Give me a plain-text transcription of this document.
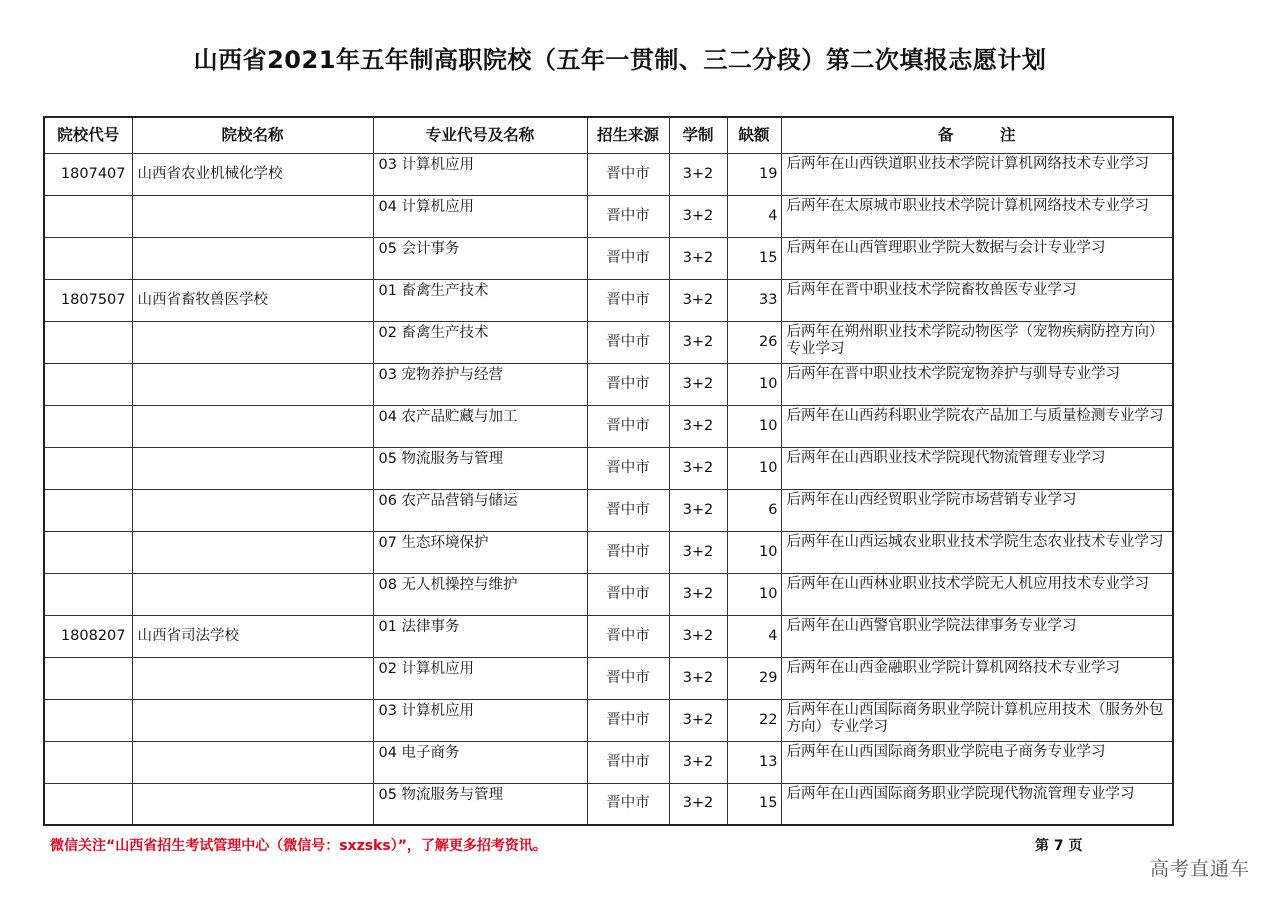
山西省2021年五年制高职院校（五年一贯制、三二分段）第二次填报志愿计划
院校代号	院校名称	专业代号及名称	招生来源	学制	缺额	备　　　注
1807407	山西省农业机械化学校	03 计算机应用	晋中市	3+2	19	后两年在山西铁道职业技术学院计算机网络技术专业学习
		04 计算机应用	晋中市	3+2	4	后两年在太原城市职业技术学院计算机网络技术专业学习
		05 会计事务	晋中市	3+2	15	后两年在山西管理职业学院大数据与会计专业学习
1807507	山西省畜牧兽医学校	01 畜禽生产技术	晋中市	3+2	33	后两年在晋中职业技术学院畜牧兽医专业学习
		02 畜禽生产技术	晋中市	3+2	26	后两年在朔州职业技术学院动物医学（宠物疾病防控方向）专业学习
		03 宠物养护与经营	晋中市	3+2	10	后两年在晋中职业技术学院宠物养护与驯导专业学习
		04 农产品贮藏与加工	晋中市	3+2	10	后两年在山西药科职业学院农产品加工与质量检测专业学习
		05 物流服务与管理	晋中市	3+2	10	后两年在山西职业技术学院现代物流管理专业学习
		06 农产品营销与储运	晋中市	3+2	6	后两年在山西经贸职业学院市场营销专业学习
		07 生态环境保护	晋中市	3+2	10	后两年在山西运城农业职业技术学院生态农业技术专业学习
		08 无人机操控与维护	晋中市	3+2	10	后两年在山西林业职业技术学院无人机应用技术专业学习
1808207	山西省司法学校	01 法律事务	晋中市	3+2	4	后两年在山西警官职业学院法律事务专业学习
		02 计算机应用	晋中市	3+2	29	后两年在山西金融职业学院计算机网络技术专业学习
		03 计算机应用	晋中市	3+2	22	后两年在山西国际商务职业学院计算机应用技术（服务外包方向）专业学习
		04 电子商务	晋中市	3+2	13	后两年在山西国际商务职业学院电子商务专业学习
		05 物流服务与管理	晋中市	3+2	15	后两年在山西国际商务职业学院现代物流管理专业学习
微信关注“山西省招生考试管理中心（微信号：sxzsks）”，了解更多招考资讯。	第 7 页
高考直通车
